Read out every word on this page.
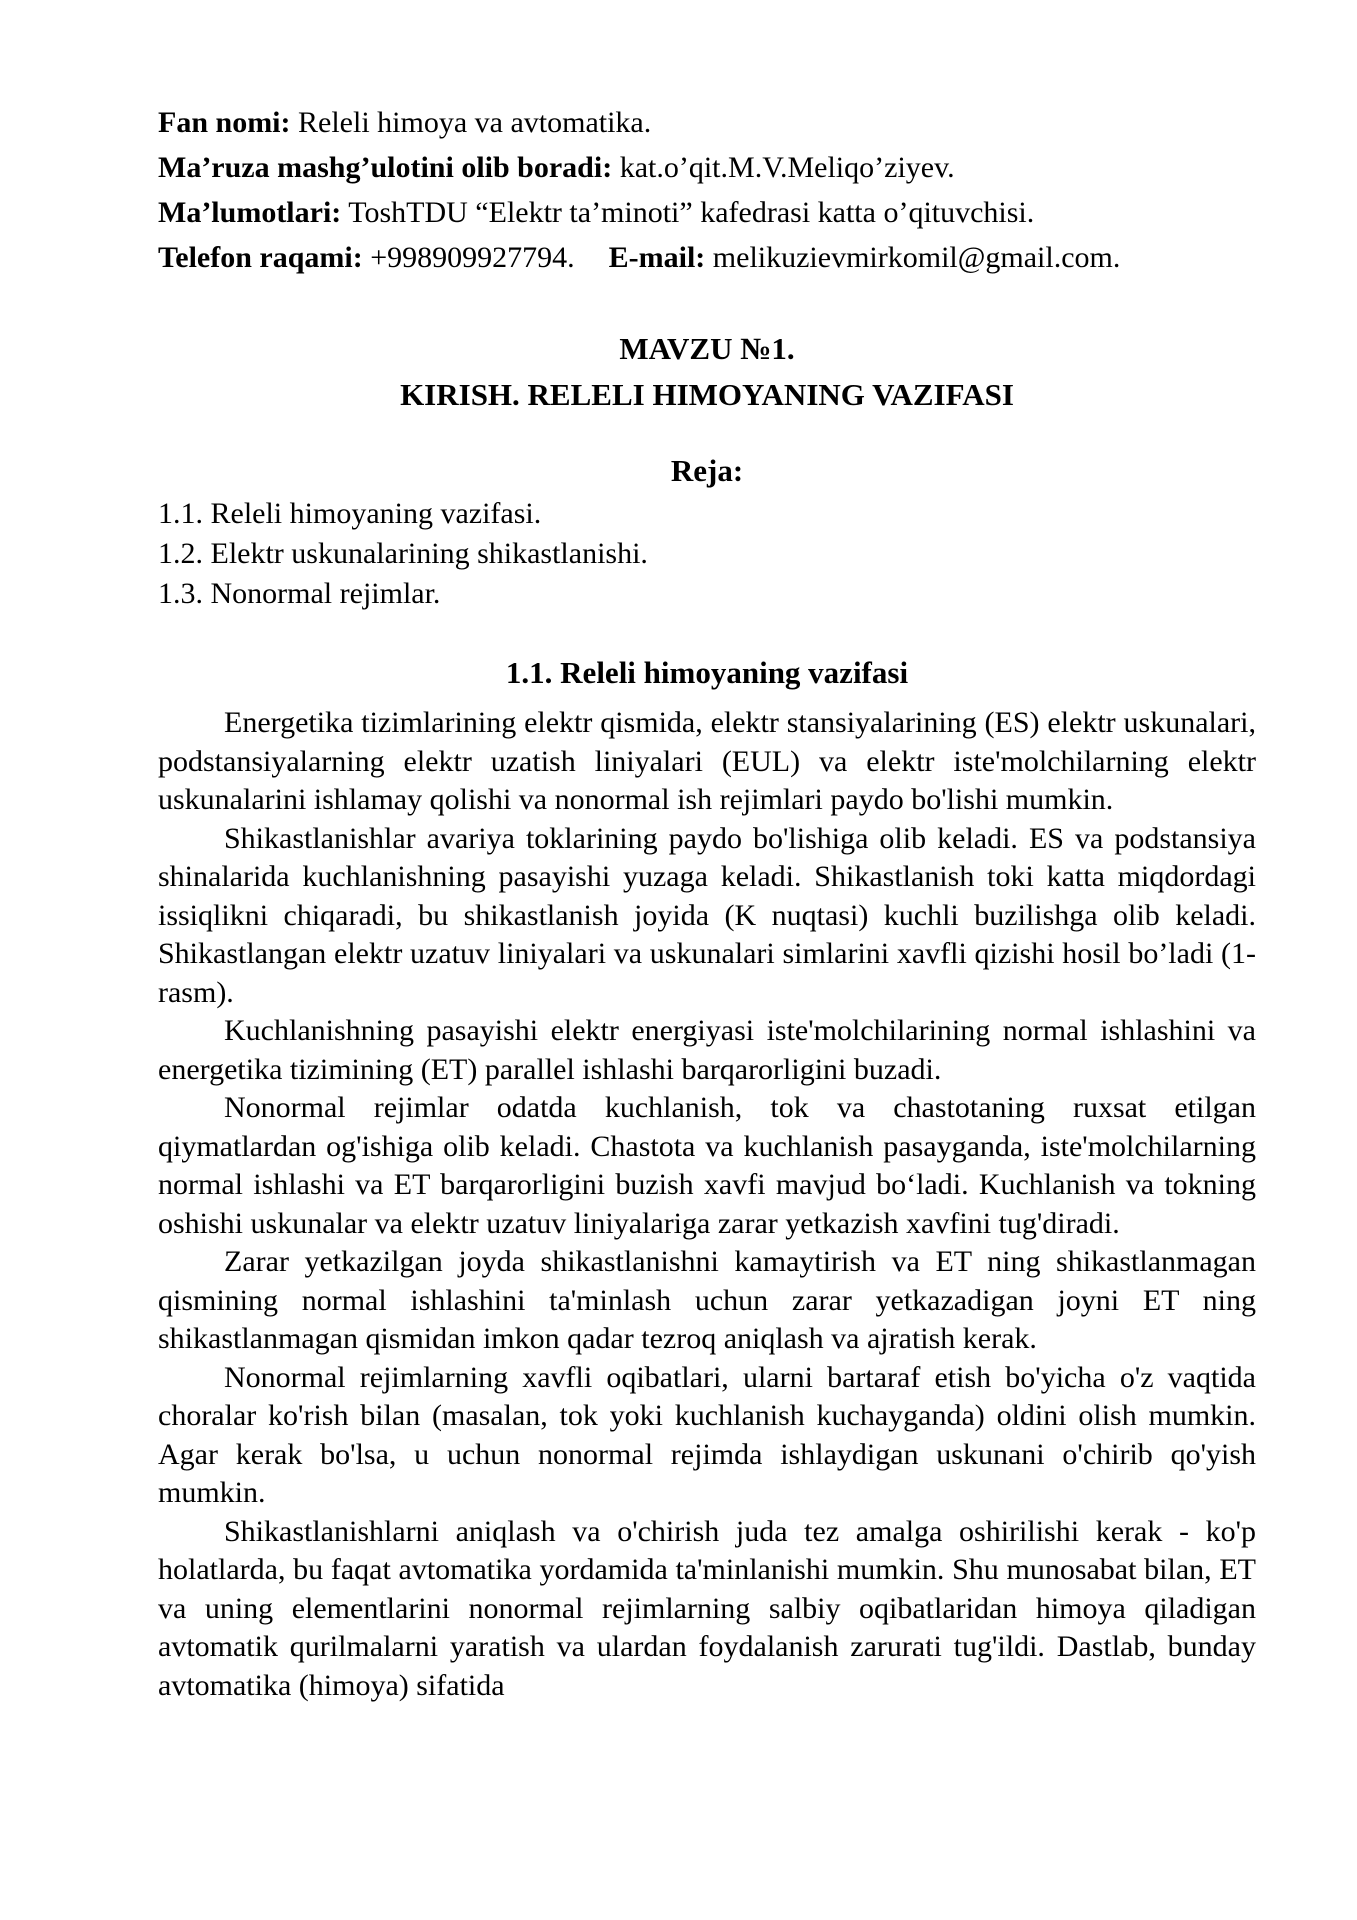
Fan nomi: Releli himoya va avtomatika.

Ma’ruza mashg’ulotini olib boradi: kat.o’qit.M.V.Meliqo’ziyev.

Ma’lumotlari: ToshTDU “Elektr ta’minoti” kafedrasi katta o’qituvchisi.

Telefon raqami: +998909927794. E-mail: melikuzievmirkomil@gmail.com.

MAVZU №1.

KIRISH. RELELI HIMOYANING VAZIFASI

Reja:

1.1. Releli himoyaning vazifasi.

1.2. Elektr uskunalarining shikastlanishi.

1.3. Nonormal rejimlar.

1.1. Releli himoyaning vazifasi

Energetika tizimlarining elektr qismida, elektr stansiyalarining (ES) elektr uskunalari, podstansiyalarning elektr uzatish liniyalari (EUL) va elektr iste'molchilarning elektr uskunalarini ishlamay qolishi va nonormal ish rejimlari paydo bo'lishi mumkin.

Shikastlanishlar avariya toklarining paydo bo'lishiga olib keladi. ES va podstansiya shinalarida kuchlanishning pasayishi yuzaga keladi. Shikastlanish toki katta miqdordagi issiqlikni chiqaradi, bu shikastlanish joyida (K nuqtasi) kuchli buzilishga olib keladi. Shikastlangan elektr uzatuv liniyalari va uskunalari simlarini xavfli qizishi hosil bo’ladi (1-rasm).

Kuchlanishning pasayishi elektr energiyasi iste'molchilarining normal ishlashini va energetika tizimining (ET) parallel ishlashi barqarorligini buzadi.

Nonormal rejimlar odatda kuchlanish, tok va chastotaning ruxsat etilgan qiymatlardan og'ishiga olib keladi. Chastota va kuchlanish pasayganda, iste'molchilarning normal ishlashi va ET barqarorligini buzish xavfi mavjud boʻladi. Kuchlanish va tokning oshishi uskunalar va elektr uzatuv liniyalariga zarar yetkazish xavfini tug'diradi.

Zarar yetkazilgan joyda shikastlanishni kamaytirish va ET ning shikastlanmagan qismining normal ishlashini ta'minlash uchun zarar yetkazadigan joyni ET ning shikastlanmagan qismidan imkon qadar tezroq aniqlash va ajratish kerak.

Nonormal rejimlarning xavfli oqibatlari, ularni bartaraf etish bo'yicha o'z vaqtida choralar ko'rish bilan (masalan, tok yoki kuchlanish kuchayganda) oldini olish mumkin. Agar kerak bo'lsa, u uchun nonormal rejimda ishlaydigan uskunani o'chirib qo'yish mumkin.

Shikastlanishlarni aniqlash va o'chirish juda tez amalga oshirilishi kerak - ko'p holatlarda, bu faqat avtomatika yordamida ta'minlanishi mumkin. Shu munosabat bilan, ET va uning elementlarini nonormal rejimlarning salbiy oqibatlaridan himoya qiladigan avtomatik qurilmalarni yaratish va ulardan foydalanish zarurati tug'ildi. Dastlab, bunday avtomatika (himoya) sifatida
